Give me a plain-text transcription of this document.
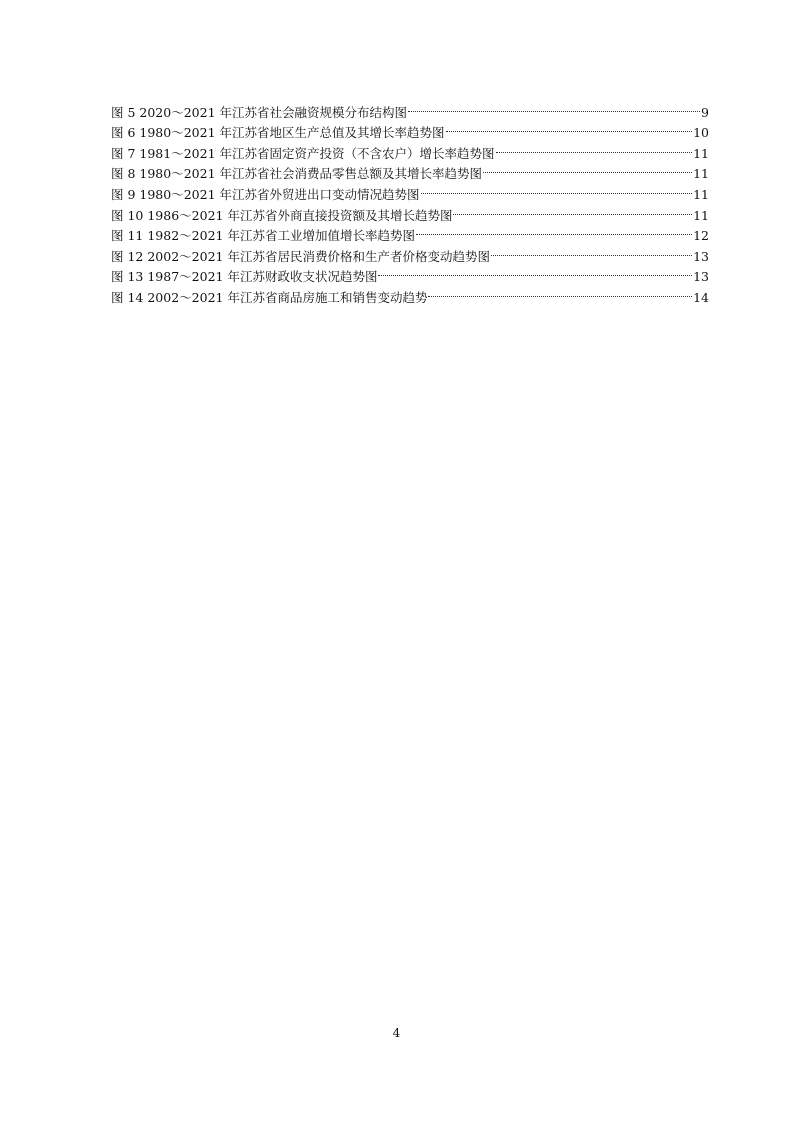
图 5 2020～2021 年江苏省社会融资规模分布结构图	9
图 6 1980～2021 年江苏省地区生产总值及其增长率趋势图	10
图 7 1981～2021 年江苏省固定资产投资（不含农户）增长率趋势图	11
图 8 1980～2021 年江苏省社会消费品零售总额及其增长率趋势图	11
图 9 1980～2021 年江苏省外贸进出口变动情况趋势图	11
图 10 1986～2021 年江苏省外商直接投资额及其增长趋势图	11
图 11 1982～2021 年江苏省工业增加值增长率趋势图	12
图 12 2002～2021 年江苏省居民消费价格和生产者价格变动趋势图	13
图 13 1987～2021 年江苏财政收支状况趋势图	13
图 14 2002～2021 年江苏省商品房施工和销售变动趋势	14
4
